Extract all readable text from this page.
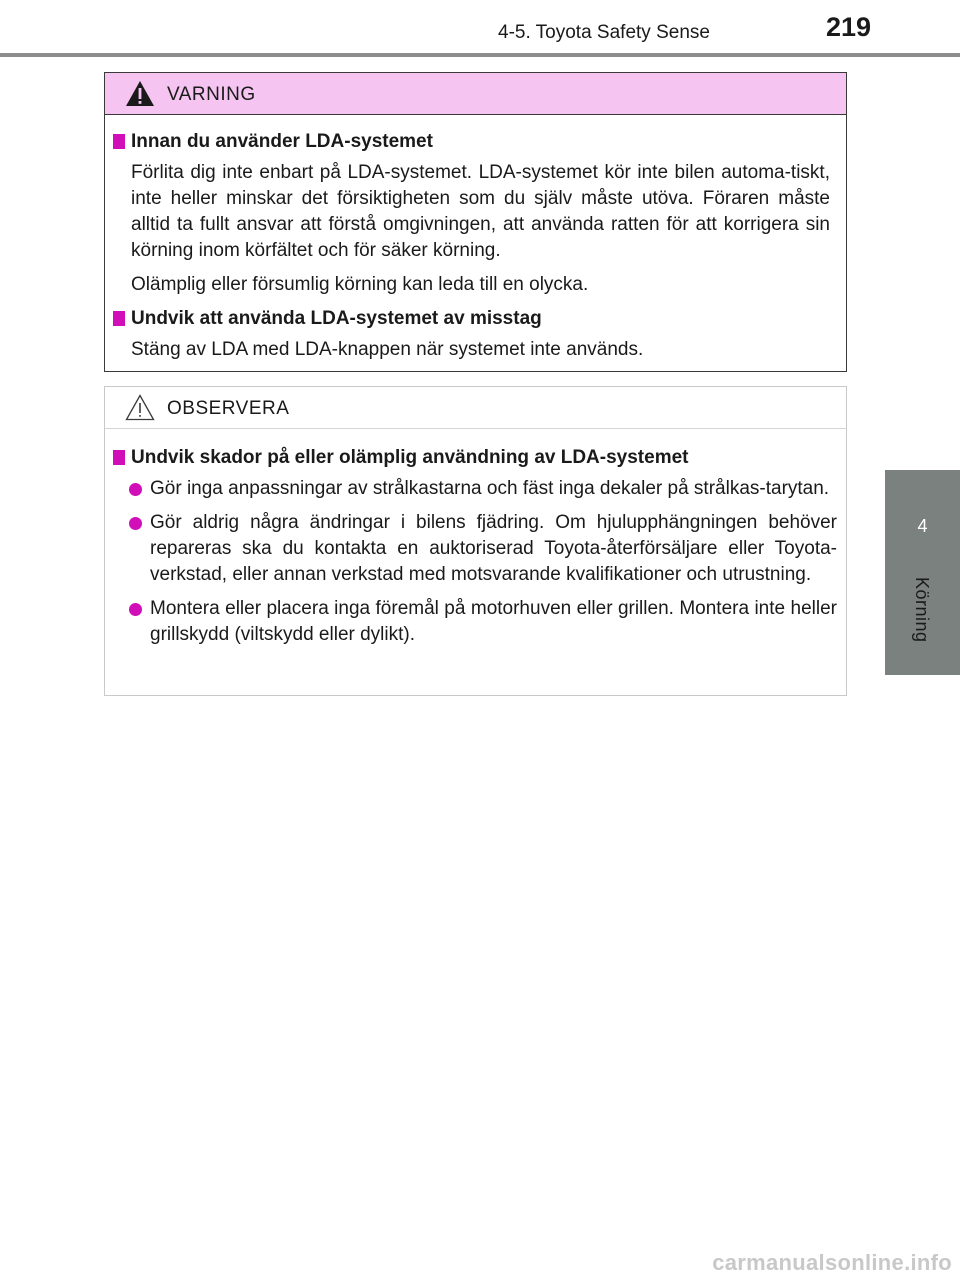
4-5. Toyota Safety Sense	219
4
Körning
VARNING
Innan du använder LDA-systemet
Förlita dig inte enbart på LDA-systemet. LDA-systemet kör inte bilen automa-tiskt, inte heller minskar det försiktigheten som du själv måste utöva. Föraren måste alltid ta fullt ansvar att förstå omgivningen, att använda ratten för att korrigera sin körning inom körfältet och för säker körning.
Olämplig eller försumlig körning kan leda till en olycka.
Undvik att använda LDA-systemet av misstag
Stäng av LDA med LDA-knappen när systemet inte används.
OBSERVERA
Undvik skador på eller olämplig användning av LDA-systemet
Gör inga anpassningar av strålkastarna och fäst inga dekaler på strålkas-tarytan.
Gör aldrig några ändringar i bilens fjädring. Om hjulupphängningen behöver repareras ska du kontakta en auktoriserad Toyota-återförsäljare eller Toyota-verkstad, eller annan verkstad med motsvarande kvalifikationer och utrustning.
Montera eller placera inga föremål på motorhuven eller grillen. Montera inte heller grillskydd (viltskydd eller dylikt).
carmanualsonline.info
